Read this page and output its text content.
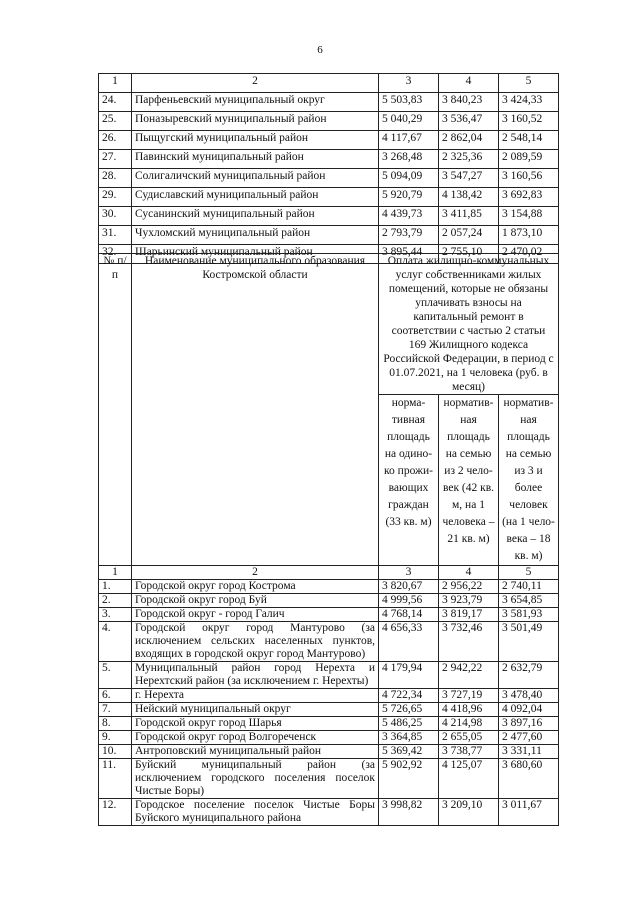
6
1	2	3	4	5
24.	Парфеньевский муниципальный округ	5 503,83	3 840,23	3 424,33
25.	Поназыревский муниципальный район	5 040,29	3 536,47	3 160,52
26.	Пыщугский муниципальный район	4 117,67	2 862,04	2 548,14
27.	Павинский муниципальный район	3 268,48	2 325,36	2 089,59
28.	Солигаличский муниципальный район	5 094,09	3 547,27	3 160,56
29.	Судиславский муниципальный район	5 920,79	4 138,42	3 692,83
30.	Сусанинский муниципальный район	4 439,73	3 411,85	3 154,88
31.	Чухломский муниципальный район	2 793,79	2 057,24	1 873,10
32.	Шарьинский муниципальный район	3 895,44	2 755,10	2 470,02
№ п/п	Наименование муниципального образования Костромской области	Оплата жилищно-коммунальных услуг собственниками жилых помещений, которые не обязаны уплачивать взносы на капитальный ремонт в соответствии с частью 2 статьи 169 Жилищного кодекса Российской Федерации, в период с 01.07.2021, на 1 человека (руб. в месяц)		
		норма-тивная площадь на одино-ко прожи-вающих граждан (33 кв. м)	норматив-ная площадь на семью из 2 чело-век (42 кв. м, на 1 человека – 21 кв. м)	норматив-ная площадь на семью из 3 и более человек (на 1 чело-века – 18 кв. м)
1	2	3	4	5
1.	Городской округ город Кострома	3 820,67	2 956,22	2 740,11
2.	Городской округ город Буй	4 999,56	3 923,79	3 654,85
3.	Городской округ - город Галич	4 768,14	3 819,17	3 581,93
4.	Городской округ город Мантурово (за исключением сельских населенных пунктов, входящих в городской округ город Мантурово)	4 656,33	3 732,46	3 501,49
5.	Муниципальный район город Нерехта и Нерехтский район (за исключением г. Нерехты)	4 179,94	2 942,22	2 632,79
6.	г. Нерехта	4 722,34	3 727,19	3 478,40
7.	Нейский муниципальный округ	5 726,65	4 418,96	4 092,04
8.	Городской округ город Шарья	5 486,25	4 214,98	3 897,16
9.	Городской округ город Волгореченск	3 364,85	2 655,05	2 477,60
10.	Антроповский муниципальный район	5 369,42	3 738,77	3 331,11
11.	Буйский муниципальный район (за исключением городского поселения поселок Чистые Боры)	5 902,92	4 125,07	3 680,60
12.	Городское поселение поселок Чистые Боры Буйского муниципального района	3 998,82	3 209,10	3 011,67
